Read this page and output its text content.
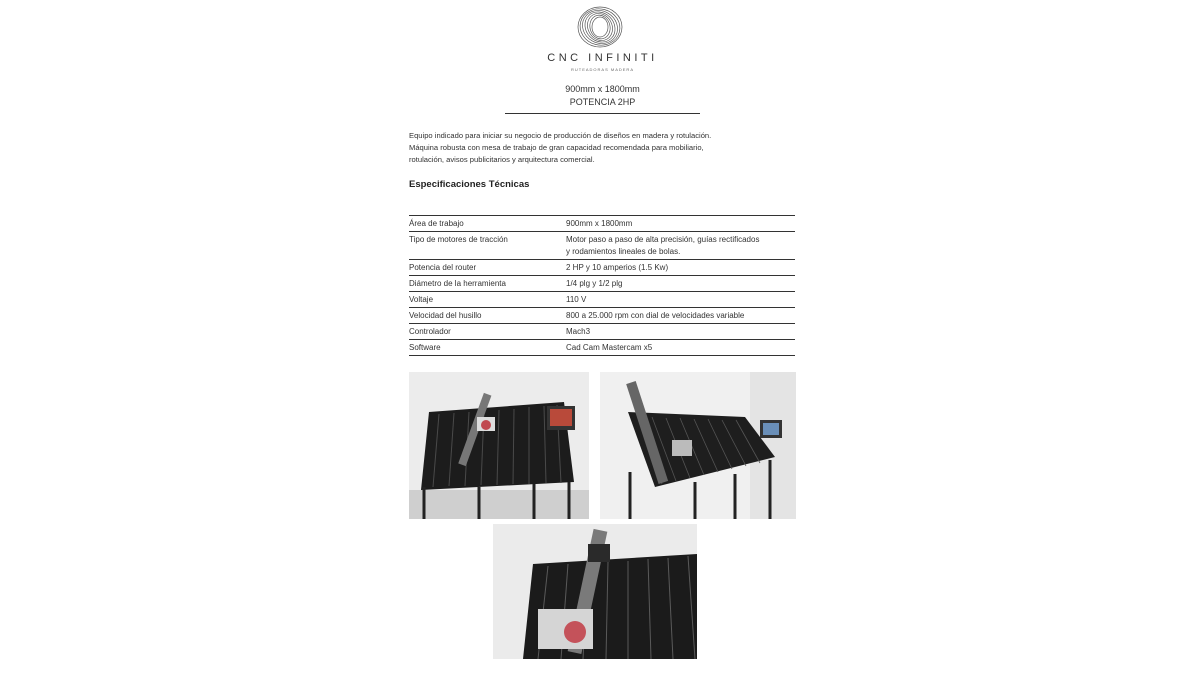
CNC INFINITI
RUTEADORAS MADERA
900mm x 1800mm
POTENCIA 2HP

Equipo indicado para iniciar su negocio de producción de diseños en madera y rotulación.

Máquina robusta con mesa de trabajo de gran capacidad recomendada para mobiliario,

rotulación, avisos publicitarios y arquitectura comercial.

Especificaciones Técnicas
Área de trabajo	900mm x 1800mm
Tipo de motores de tracción	Motor paso a paso de alta precisión, guías rectificados y rodamientos lineales de bolas.
Potencia del router	2 HP y 10 amperios (1.5 Kw)
Diámetro de la herramienta	1/4 plg y 1/2 plg
Voltaje	110 V
Velocidad del husillo	800 a 25.000 rpm con dial de velocidades variable
Controlador	Mach3
Software	Cad Cam Mastercam x5
